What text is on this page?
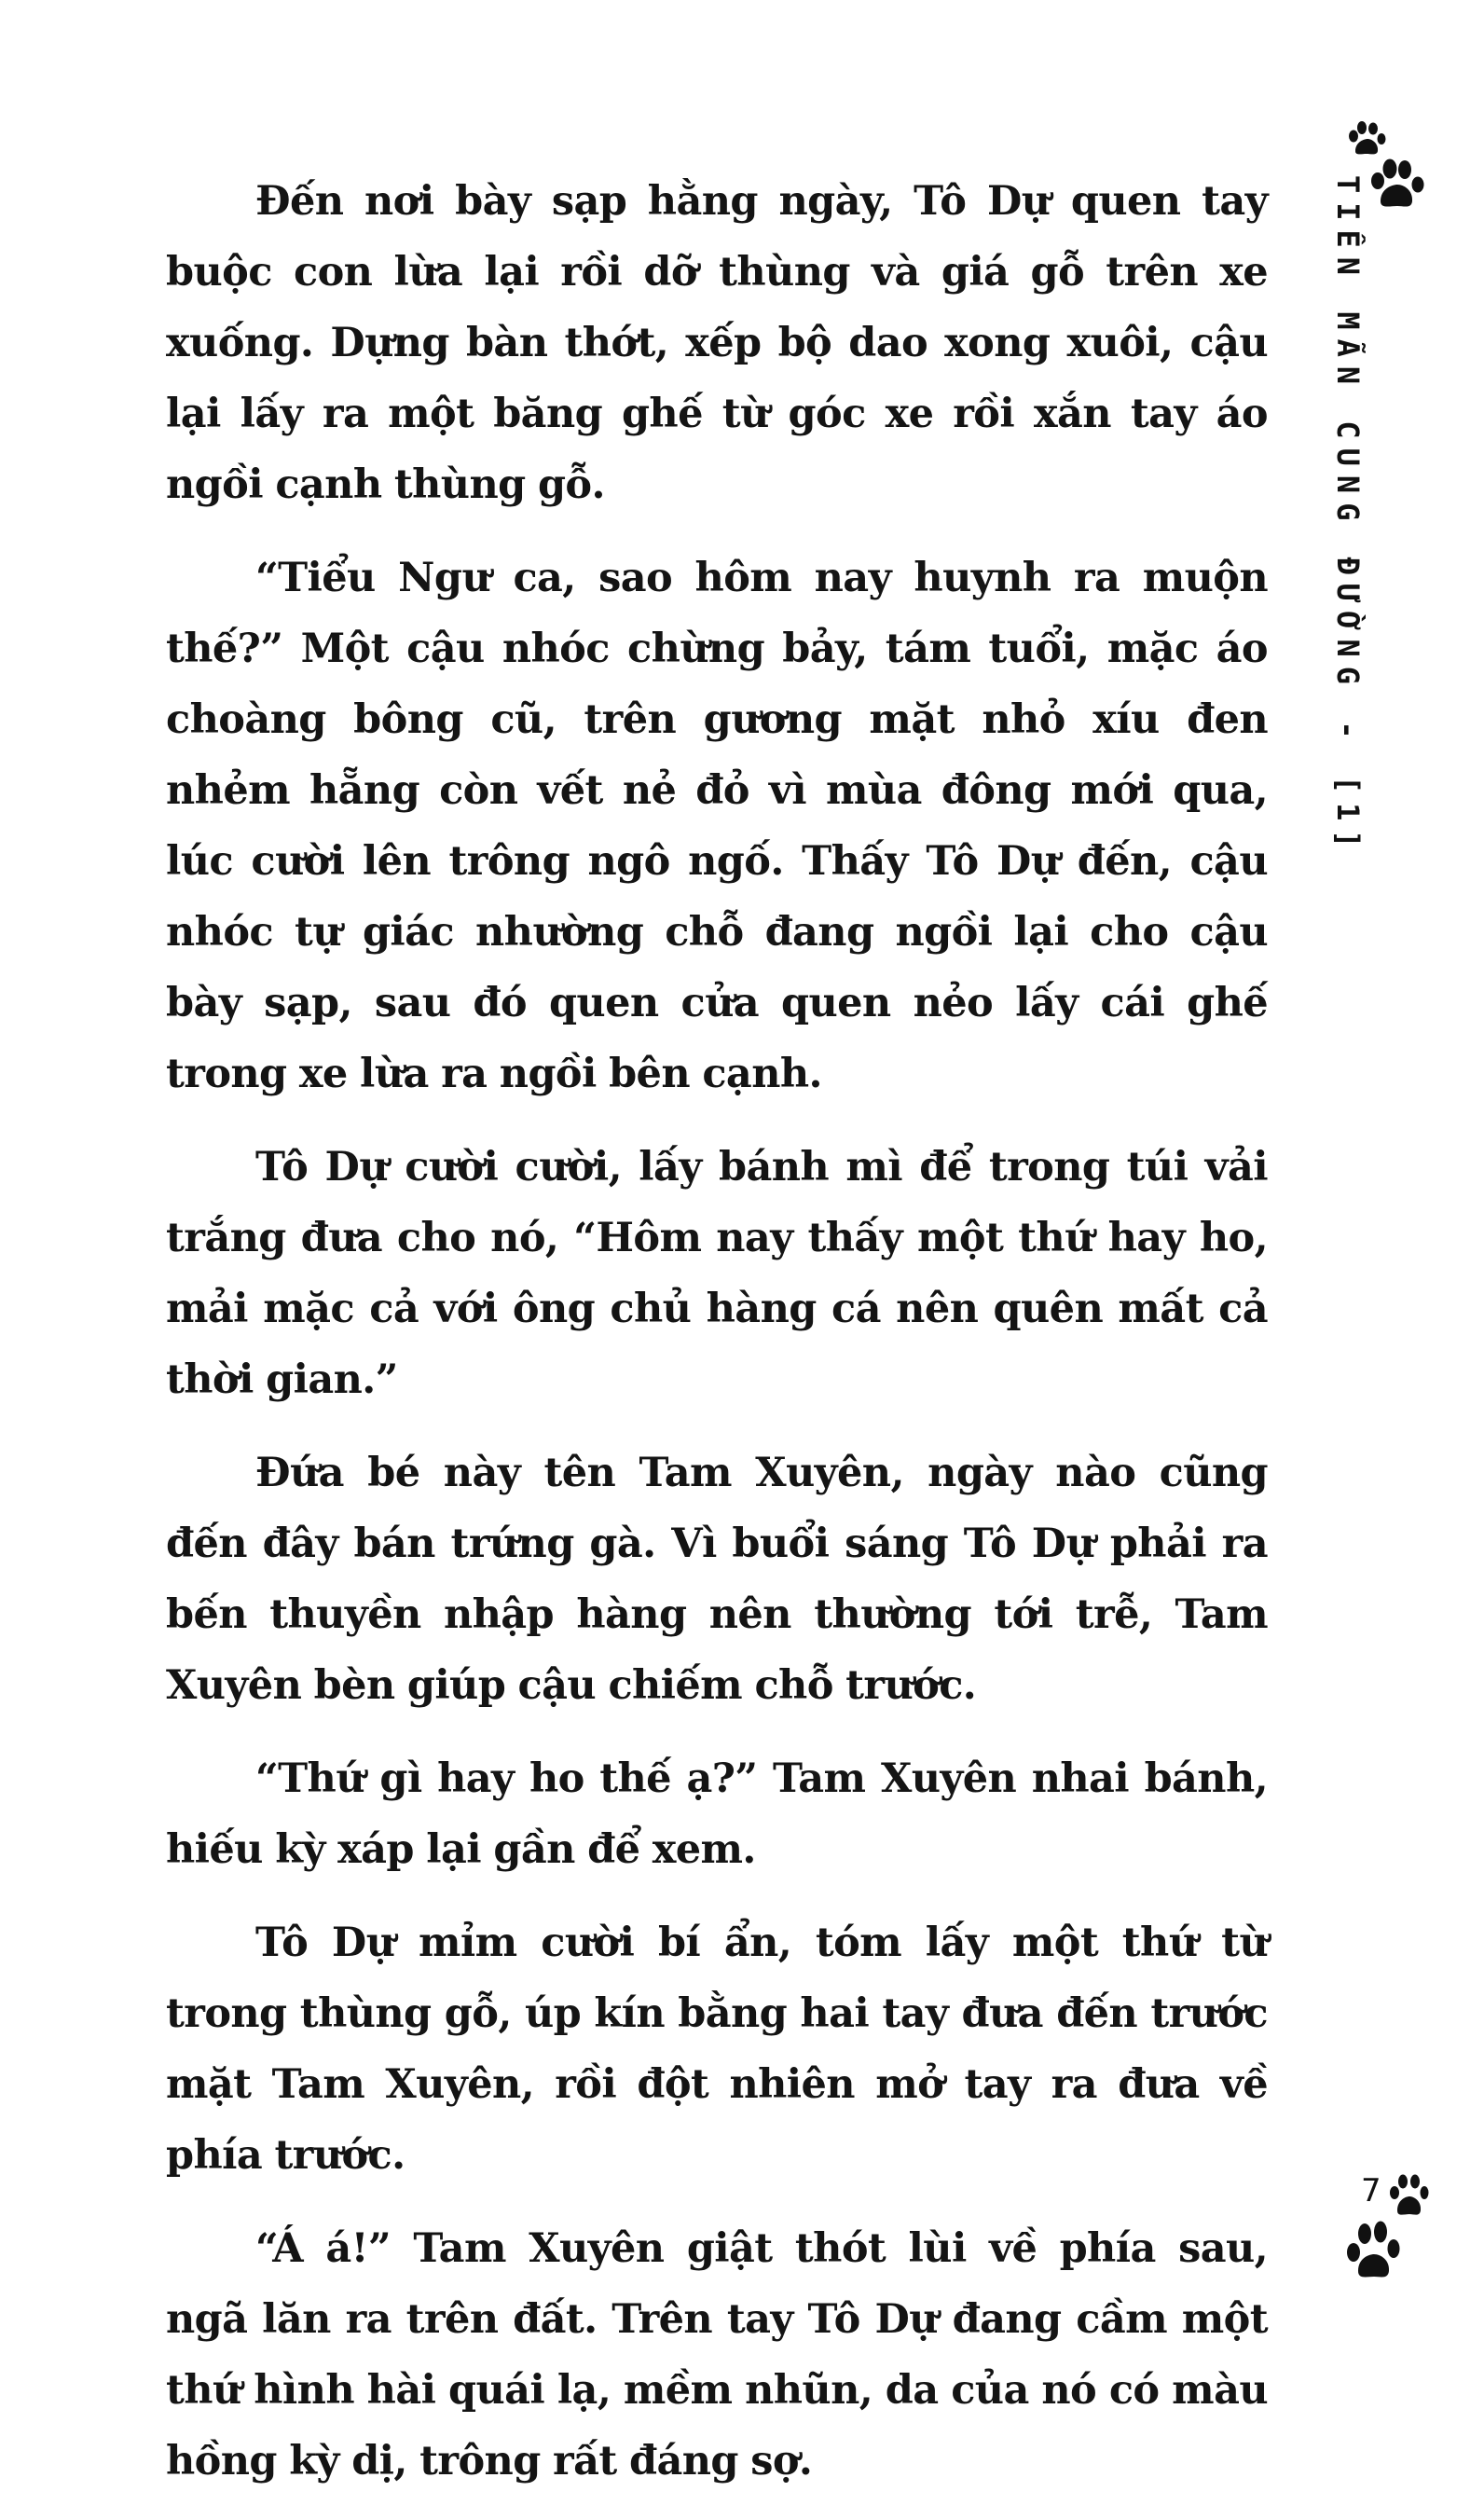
TIÊN MÃN CUNG ĐƯỜNG - [1]

Đến nơi bày sạp hằng ngày, Tô Dự quen tay buộc con lừa lại rồi dỡ thùng và giá gỗ trên xe xuống. Dựng bàn thớt, xếp bộ dao xong xuôi, cậu lại lấy ra một băng ghế từ góc xe rồi xắn tay áo ngồi cạnh thùng gỗ.

“Tiểu Ngư ca, sao hôm nay huynh ra muộn thế?” Một cậu nhóc chừng bảy, tám tuổi, mặc áo choàng bông cũ, trên gương mặt nhỏ xíu đen nhẻm hẵng còn vết nẻ đỏ vì mùa đông mới qua, lúc cười lên trông ngô ngố. Thấy Tô Dự đến, cậu nhóc tự giác nhường chỗ đang ngồi lại cho cậu bày sạp, sau đó quen cửa quen nẻo lấy cái ghế trong xe lừa ra ngồi bên cạnh.

Tô Dự cười cười, lấy bánh mì để trong túi vải trắng đưa cho nó, “Hôm nay thấy một thứ hay ho, mải mặc cả với ông chủ hàng cá nên quên mất cả thời gian.”

Đứa bé này tên Tam Xuyên, ngày nào cũng đến đây bán trứng gà. Vì buổi sáng Tô Dự phải ra bến thuyền nhập hàng nên thường tới trễ, Tam Xuyên bèn giúp cậu chiếm chỗ trước.

“Thứ gì hay ho thế ạ?” Tam Xuyên nhai bánh, hiếu kỳ xáp lại gần để xem.

Tô Dự mỉm cười bí ẩn, tóm lấy một thứ từ trong thùng gỗ, úp kín bằng hai tay đưa đến trước mặt Tam Xuyên, rồi đột nhiên mở tay ra đưa về phía trước.

“Á á!” Tam Xuyên giật thót lùi về phía sau, ngã lăn ra trên đất. Trên tay Tô Dự đang cầm một thứ hình hài quái lạ, mềm nhũn, da của nó có màu hồng kỳ dị, trông rất đáng sợ.

7
